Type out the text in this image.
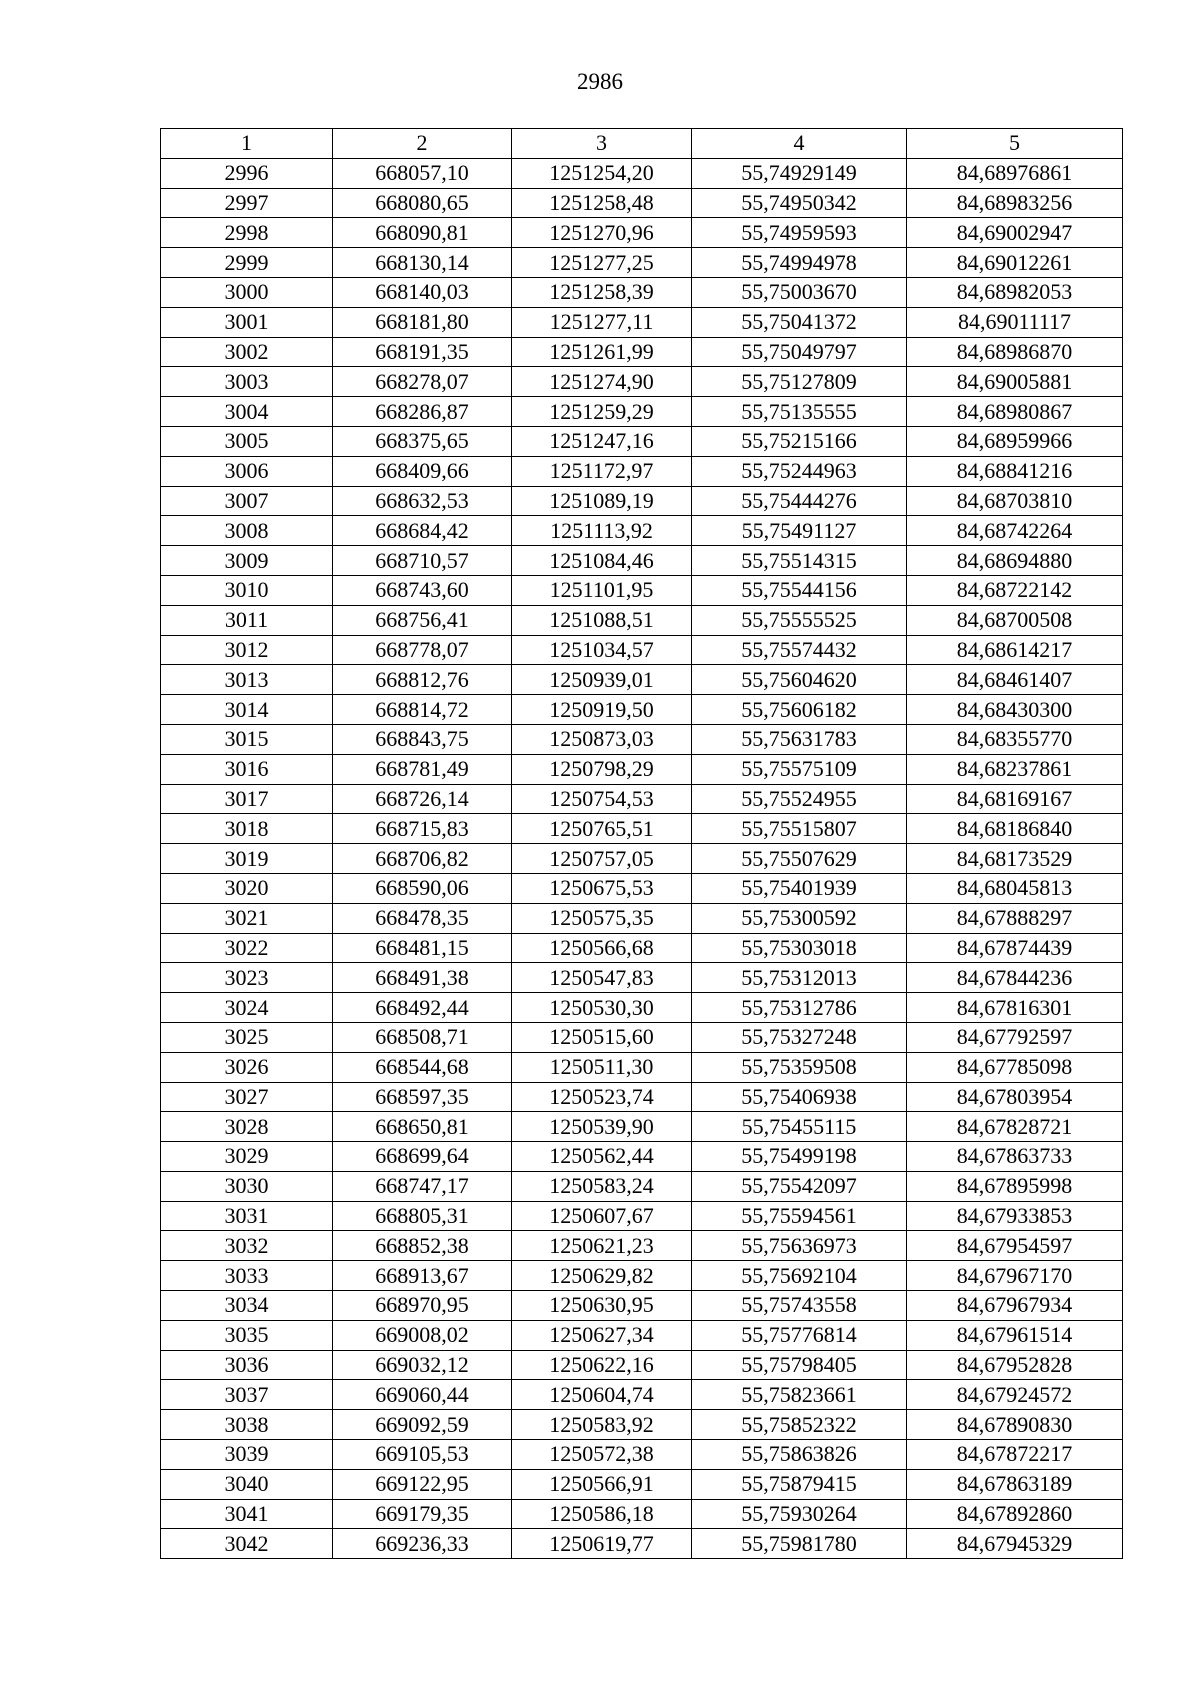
2986
1	2	3	4	5
2996	668057,10	1251254,20	55,74929149	84,68976861
2997	668080,65	1251258,48	55,74950342	84,68983256
2998	668090,81	1251270,96	55,74959593	84,69002947
2999	668130,14	1251277,25	55,74994978	84,69012261
3000	668140,03	1251258,39	55,75003670	84,68982053
3001	668181,80	1251277,11	55,75041372	84,69011117
3002	668191,35	1251261,99	55,75049797	84,68986870
3003	668278,07	1251274,90	55,75127809	84,69005881
3004	668286,87	1251259,29	55,75135555	84,68980867
3005	668375,65	1251247,16	55,75215166	84,68959966
3006	668409,66	1251172,97	55,75244963	84,68841216
3007	668632,53	1251089,19	55,75444276	84,68703810
3008	668684,42	1251113,92	55,75491127	84,68742264
3009	668710,57	1251084,46	55,75514315	84,68694880
3010	668743,60	1251101,95	55,75544156	84,68722142
3011	668756,41	1251088,51	55,75555525	84,68700508
3012	668778,07	1251034,57	55,75574432	84,68614217
3013	668812,76	1250939,01	55,75604620	84,68461407
3014	668814,72	1250919,50	55,75606182	84,68430300
3015	668843,75	1250873,03	55,75631783	84,68355770
3016	668781,49	1250798,29	55,75575109	84,68237861
3017	668726,14	1250754,53	55,75524955	84,68169167
3018	668715,83	1250765,51	55,75515807	84,68186840
3019	668706,82	1250757,05	55,75507629	84,68173529
3020	668590,06	1250675,53	55,75401939	84,68045813
3021	668478,35	1250575,35	55,75300592	84,67888297
3022	668481,15	1250566,68	55,75303018	84,67874439
3023	668491,38	1250547,83	55,75312013	84,67844236
3024	668492,44	1250530,30	55,75312786	84,67816301
3025	668508,71	1250515,60	55,75327248	84,67792597
3026	668544,68	1250511,30	55,75359508	84,67785098
3027	668597,35	1250523,74	55,75406938	84,67803954
3028	668650,81	1250539,90	55,75455115	84,67828721
3029	668699,64	1250562,44	55,75499198	84,67863733
3030	668747,17	1250583,24	55,75542097	84,67895998
3031	668805,31	1250607,67	55,75594561	84,67933853
3032	668852,38	1250621,23	55,75636973	84,67954597
3033	668913,67	1250629,82	55,75692104	84,67967170
3034	668970,95	1250630,95	55,75743558	84,67967934
3035	669008,02	1250627,34	55,75776814	84,67961514
3036	669032,12	1250622,16	55,75798405	84,67952828
3037	669060,44	1250604,74	55,75823661	84,67924572
3038	669092,59	1250583,92	55,75852322	84,67890830
3039	669105,53	1250572,38	55,75863826	84,67872217
3040	669122,95	1250566,91	55,75879415	84,67863189
3041	669179,35	1250586,18	55,75930264	84,67892860
3042	669236,33	1250619,77	55,75981780	84,67945329
